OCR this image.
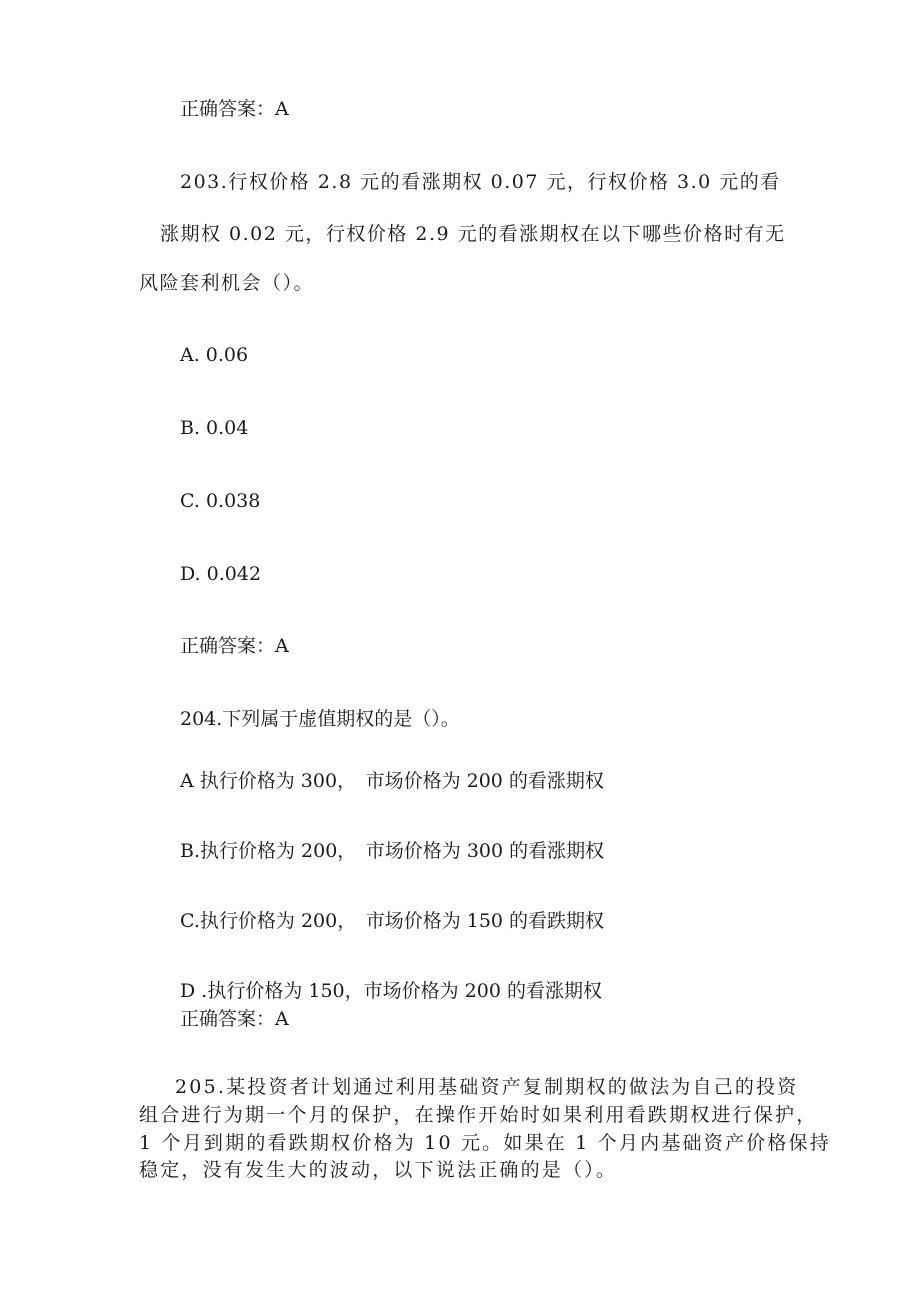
正确答案：A

203.行权价格 2.8 元的看涨期权 0.07 元，行权价格 3.0 元的看

涨期权 0.02 元，行权价格 2.9 元的看涨期权在以下哪些价格时有无

风险套利机会（）。

A. 0.06

B. 0.04

C. 0.038

D. 0.042

正确答案：A

204.下列属于虚值期权的是（）。

A 执行价格为 300，　市场价格为 200 的看涨期权

B.执行价格为 200，　市场价格为 300 的看涨期权

C.执行价格为 200，　市场价格为 150 的看跌期权

D .执行价格为 150，市场价格为 200 的看涨期权

正确答案：A

205.某投资者计划通过利用基础资产复制期权的做法为自己的投资

组合进行为期一个月的保护，在操作开始时如果利用看跌期权进行保护，

1 个月到期的看跌期权价格为 10 元。如果在 1 个月内基础资产价格保持

稳定，没有发生大的波动，以下说法正确的是（）。
